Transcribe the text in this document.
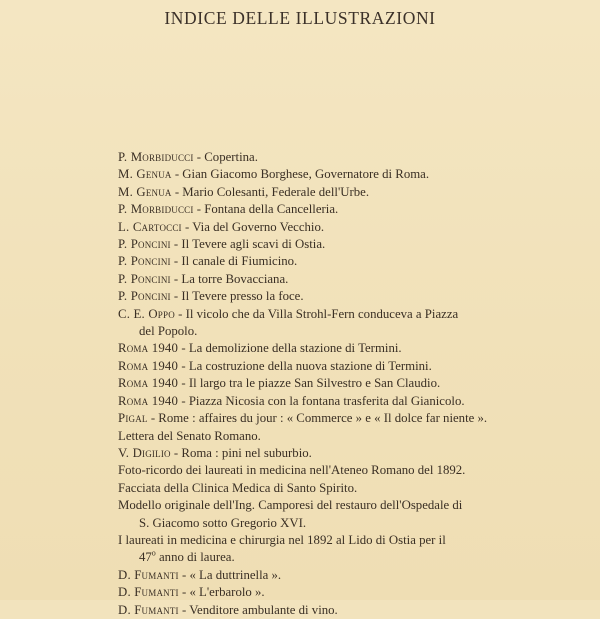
INDICE DELLE ILLUSTRAZIONI
P. Morbiducci - Copertina.
M. Genua - Gian Giacomo Borghese, Governatore di Roma.
M. Genua - Mario Colesanti, Federale dell'Urbe.
P. Morbiducci - Fontana della Cancelleria.
L. Cartocci - Via del Governo Vecchio.
P. Poncini - Il Tevere agli scavi di Ostia.
P. Poncini - Il canale di Fiumicino.
P. Poncini - La torre Bovacciana.
P. Poncini - Il Tevere presso la foce.
C. E. Oppo - Il vicolo che da Villa Strohl-Fern conduceva a Piazza
del Popolo.
Roma 1940 - La demolizione della stazione di Termini.
Roma 1940 - La costruzione della nuova stazione di Termini.
Roma 1940 - Il largo tra le piazze San Silvestro e San Claudio.
Roma 1940 - Piazza Nicosia con la fontana trasferita dal Gianicolo.
Pigal - Rome : affaires du jour : « Commerce » e « Il dolce far niente ».
Lettera del Senato Romano.
V. Digilio - Roma : pini nel suburbio.
Foto-ricordo dei laureati in medicina nell'Ateneo Romano del 1892.
Facciata della Clinica Medica di Santo Spirito.
Modello originale dell'Ing. Camporesi del restauro dell'Ospedale di
S. Giacomo sotto Gregorio XVI.
I laureati in medicina e chirurgia nel 1892 al Lido di Ostia per il
47$^o$ anno di laurea.
D. Fumanti - « La duttrinella ».
D. Fumanti - « L'erbarolo ».
D. Fumanti - Venditore ambulante di vino.
